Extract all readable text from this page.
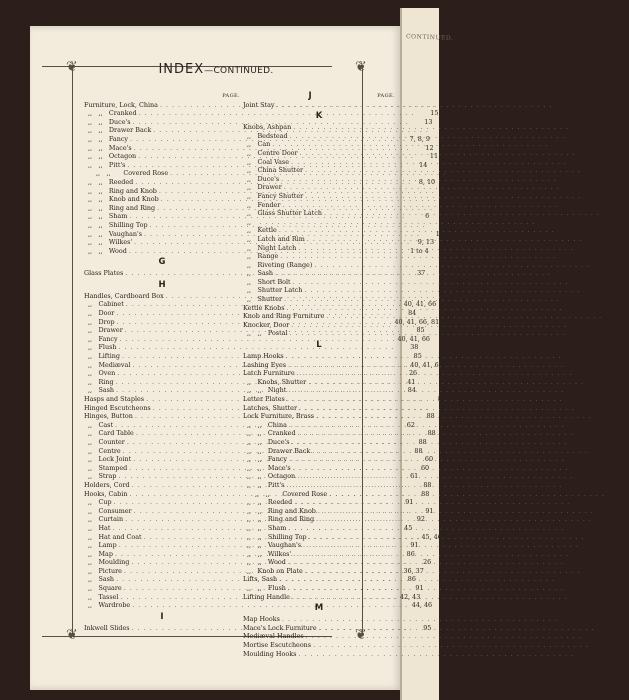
CONTINUED.
❦	❦
❦	❦
INDEX—CONTINUED.
PAGE.
Furniture, Lock, China . . .	1 to 5
,, ,, Cranked . . .	15
,, ,, Duce's . . .	13
,, ,, Drawer Back . . .	6
,, ,, Fancy . . .	7, 8, 9
,, ,, Mace's . . .	12
,, ,, Octagon . . .	11
,, ,, Pitt's . . .	14
,, ,,  Covered Rose . . .	9
,, ,, Reeded . . .	8, 10
,, ,, Ring and Knob . . .	10
,, ,, Knob and Knob . . .	10
,, ,, Ring and Ring . . .	10
,, ,, Sham . . .	6
,, ,, Shilling Top . . .	7
,, ,, Vaughan's . . .	13
,, ,, Wilkes' . . .	9, 13
,, ,, Wood . . .	1 to 4
G
Glass Plates . . .	37
H
Handles, Cardboard Box . . .	85, 86
,, Cabinet . . .	40, 41, 66
,, Door . . .	84
,, Drop . . .	40, 41, 66, 81
,, Drawer . . .	85
,, Fancy . . .	40, 41, 66
,, Flush . . .	38
,, Lifting . . .	85
,, Mediæval . . .	40, 41, 66
,, Oven . . .	26
,, Ring . . .	41
,, Sash . . .	84
Hasps and Staples . . .	81
Hinged Escutcheons . . .	87
Hinges, Button . . .	88
,, Cast . . .	62
,, Card Table . . .	88
,, Counter . . .	88
,, Centre . . .	88
,, Lock Joint . . .	60
,, Stamped . . .	60
,, Strap . . .	61
Holders, Cord . . .	88
Hooks, Cabin . . .	88
,, Cup . . .	91
,, Consumer . . .	91
,, Curtain . . .	92
,, Hat . . .	45
,, Hat and Coat . . .	45, 46, 47
,, Lamp . . .	91
,, Map . . .	86
,, Moulding . . .	26
,, Picture . . .	36, 37
,, Sash . . .	86
,, Square . . .	91
,, Tassel . . .	42, 43
,, Wardrobe . . .	44, 46
I
Inkwell Slides . . .	95
J	PAGE.
Joint Stay . . .	81
K
Knobs, Ashpan . . .	24, 25
,, Bedstead . . .	30, 31
,, Can . . .	96
,, Centre Door . . .	21
,, Coal Vase . . .	29
,, China Shutter . . .	23
,, Duce's . . .	5
,, Drawer . . .	22, 23
,, Fancy Shutter . . .	23
,, Fender . . .	32
,, Glass Shutter Latch . . .	16
,,  . . .	23
,, Kettle . . .	96
,, Latch and Rim . . .	6
,, Night Latch . . .	16
,, Range . . .	27
,, Riveting (Range) . . .	28
,, Sash . . .	96
,, Short Bolt . . .	16
,, Shutter Latch . . .	16
,, Shutter . . .	23
Kettle Knobs . . .	96
Knob and Ring Furniture . . .	10
Knocker, Door . . .	82
,, ,, Postal . . .	82
L
Lamp Hooks . . .	91
Lashing Eyes . . .	87
Latch Furniture . . .	12, 19
,, Knobs, Shutter . . .	16
,, ,, Night . . .	16
Letter Plates . . .	82, 83
Latches, Shutter . . .	63
Lock Furniture, Brass . . .	12, 13
,, ,, China . . .	1 to 5
,, ,, Cranked . . .	15
,, ,, Duce's . . .	13
,, ,, Drawer Back . . .	6
,, ,, Fancy . . .	7, 8, 9
,, ,, Mace's . . .	12
,, ,, Octagon . . .	11
,, ,, Pitt's . . .	14
,, ,,  Covered Rose . . .	9
,, ,, Reeded . . .	8, 9
,, ,, Ring and Knob . . .	10
,, ,, Ring and Ring . . .	10
,, ,, Sham . . .	6
,, ,, Shilling Top . . .	7
,, ,, Vaughan's . . .	13
,, ,, Wilkes' . . .	9, 13
,, ,, Wood . . .	1 to 4
,, Knob on Plate . . .	15
Lifts, Sash . . .	39
,, ,, Flush . . .	39
Lifting Handle . . .	85
M
Map Hooks . . .	86
Mace's Lock Furniture . . .	12
Mediæval Handles . . .	66
Mortise Escutcheons . . .	6
Moulding Hooks . . .	36
